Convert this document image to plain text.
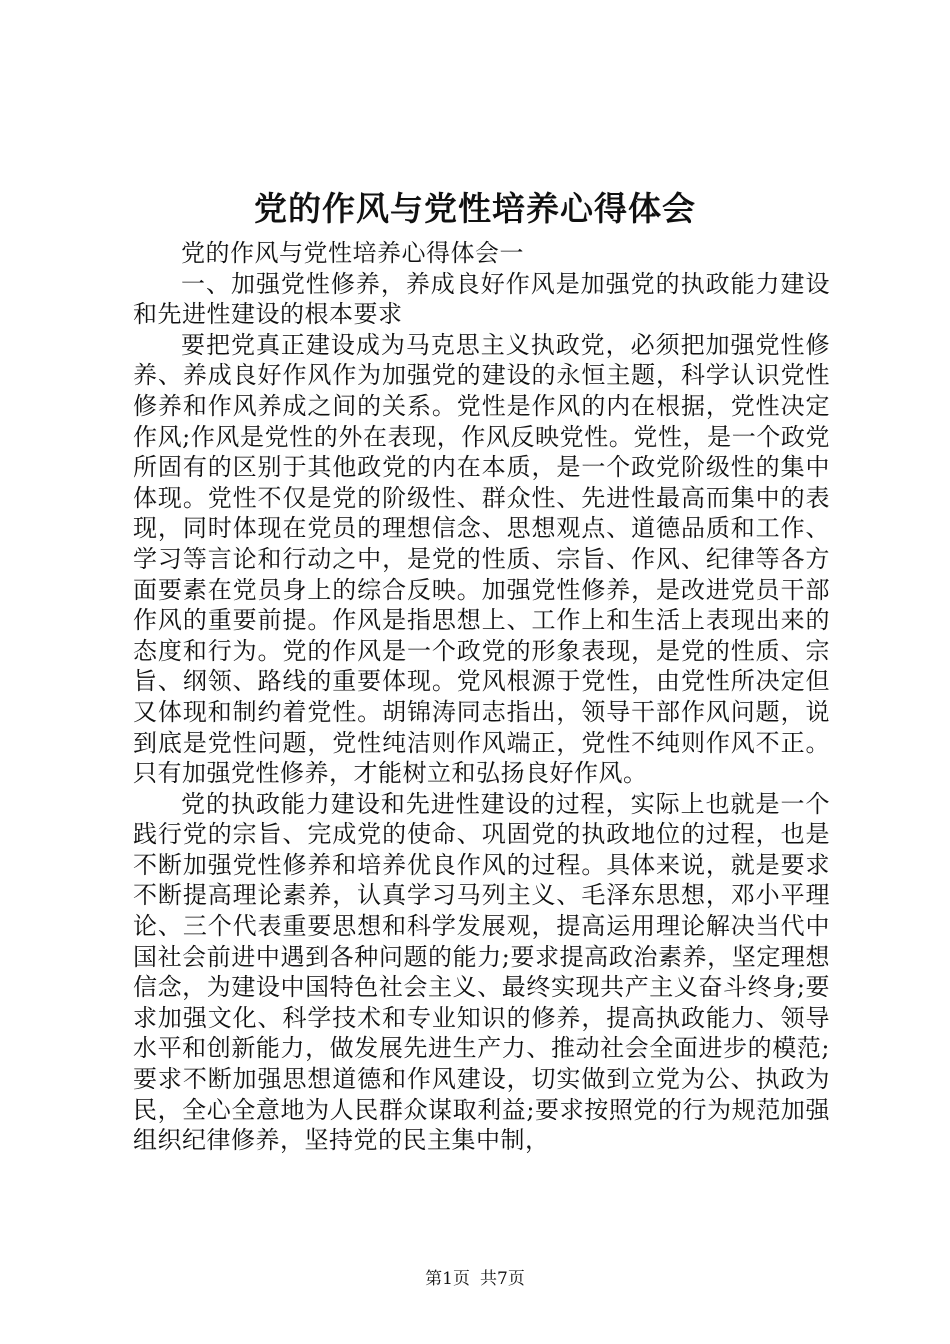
党的作风与党性培养心得体会

党的作风与党性培养心得体会一

一、加强党性修养，养成良好作风是加强党的执政能力建设和先进性建设的根本要求

要把党真正建设成为马克思主义执政党，必须把加强党性修养、养成良好作风作为加强党的建设的永恒主题，科学认识党性修养和作风养成之间的关系。党性是作风的内在根据，党性决定作风;作风是党性的外在表现，作风反映党性。党性，是一个政党所固有的区别于其他政党的内在本质，是一个政党阶级性的集中体现。党性不仅是党的阶级性、群众性、先进性最高而集中的表现，同时体现在党员的理想信念、思想观点、道德品质和工作、学习等言论和行动之中，是党的性质、宗旨、作风、纪律等各方面要素在党员身上的综合反映。加强党性修养，是改进党员干部作风的重要前提。作风是指思想上、工作上和生活上表现出来的态度和行为。党的作风是一个政党的形象表现，是党的性质、宗旨、纲领、路线的重要体现。党风根源于党性，由党性所决定但又体现和制约着党性。胡锦涛同志指出，领导干部作风问题，说到底是党性问题，党性纯洁则作风端正，党性不纯则作风不正。只有加强党性修养，才能树立和弘扬良好作风。

党的执政能力建设和先进性建设的过程，实际上也就是一个践行党的宗旨、完成党的使命、巩固党的执政地位的过程，也是不断加强党性修养和培养优良作风的过程。具体来说，就是要求不断提高理论素养，认真学习马列主义、毛泽东思想，邓小平理论、三个代表重要思想和科学发展观，提高运用理论解决当代中国社会前进中遇到各种问题的能力;要求提高政治素养，坚定理想信念，为建设中国特色社会主义、最终实现共产主义奋斗终身;要求加强文化、科学技术和专业知识的修养，提高执政能力、领导水平和创新能力，做发展先进生产力、推动社会全面进步的模范;要求不断加强思想道德和作风建设，切实做到立党为公、执政为民，全心全意地为人民群众谋取利益;要求按照党的行为规范加强组织纪律修养，坚持党的民主集中制，

第1页 共7页
